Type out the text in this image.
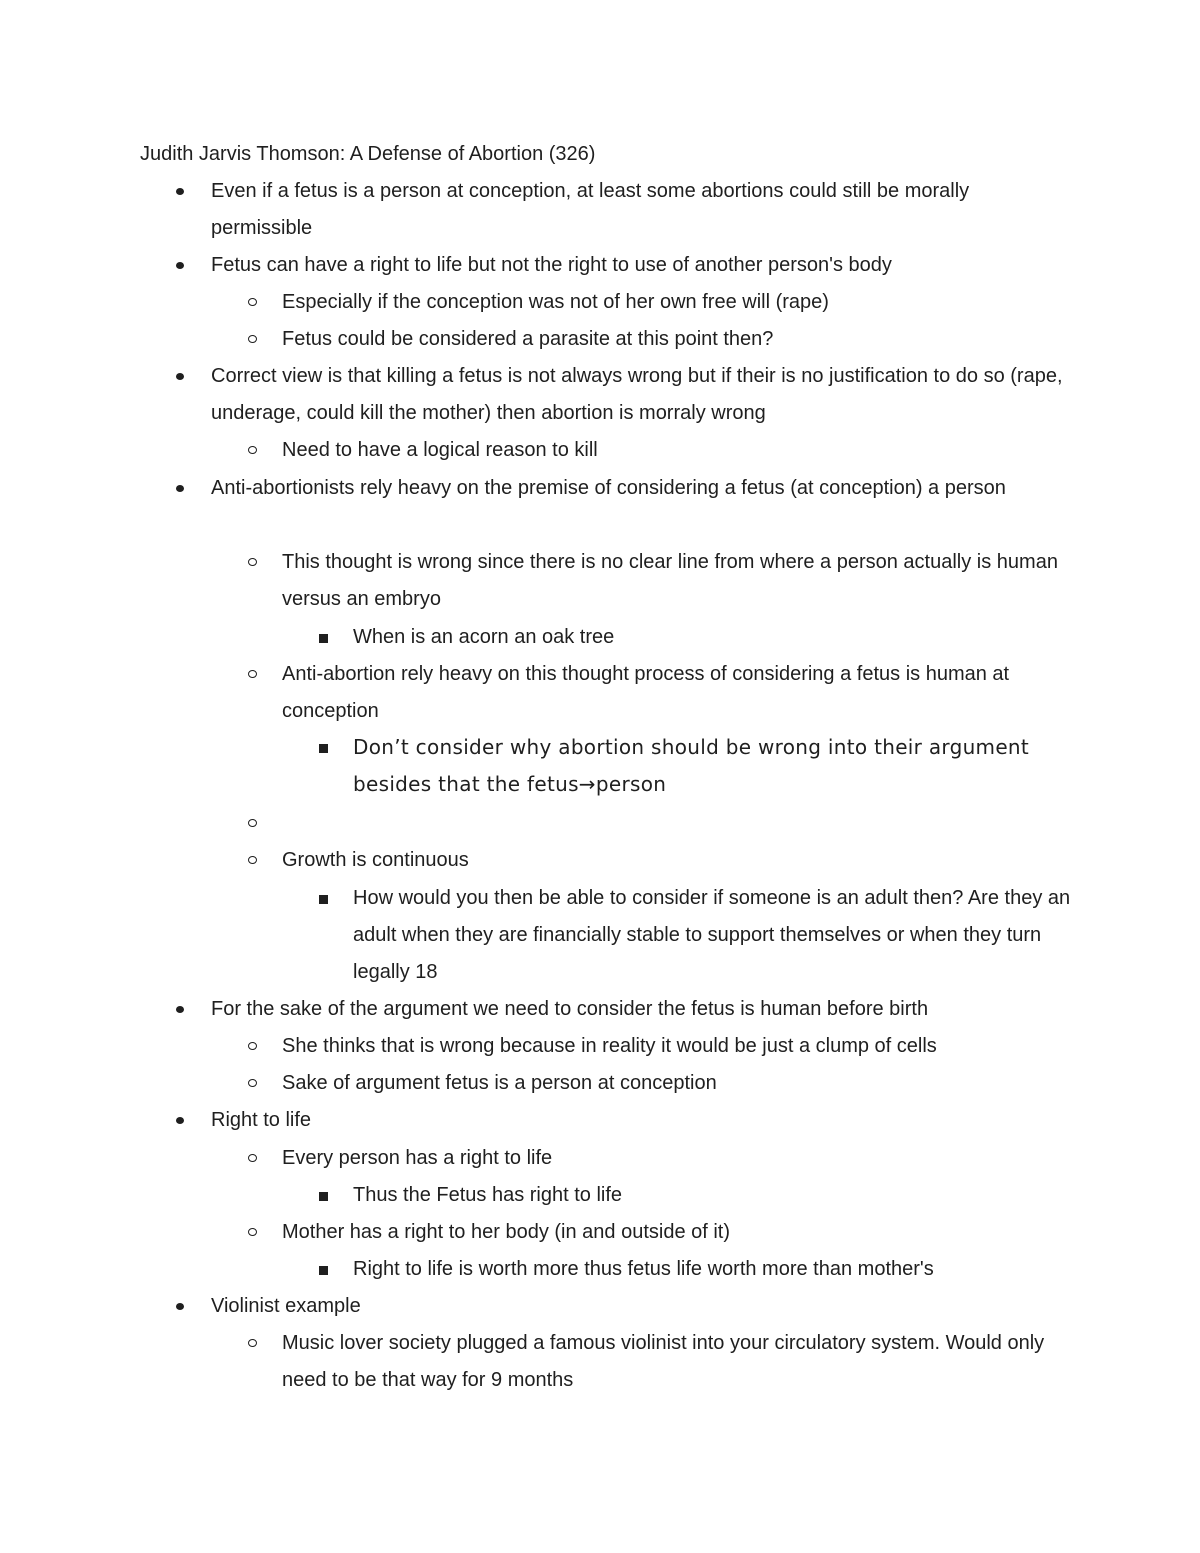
Judith Jarvis Thomson: A Defense of Abortion (326)
Even if a fetus is a person at conception, at least some abortions could still be morally permissible
Fetus can have a right to life but not the right to use of another person's body
Especially if the conception was not of her own free will (rape)
Fetus could be considered a parasite at this point then?
Correct view is that killing a fetus is not always wrong but if their is no justification to do so (rape, underage, could kill the mother) then abortion is morraly wrong
Need to have a logical reason to kill
Anti-abortionists rely heavy on the premise of considering a fetus (at conception) a person
This thought is wrong since there is no clear line from where a person actually is human versus an embryo
When is an acorn an oak tree
Anti-abortion rely heavy on this thought process of considering a fetus is human at conception
Don’t consider why abortion should be wrong into their argument besides that the fetus→person
Growth is continuous
How would you then be able to consider if someone is an adult then? Are they an adult when they are financially stable to support themselves or when they turn legally 18
For the sake of the argument we need to consider the fetus is human before birth
She thinks that is wrong because in reality it would be just a clump of cells
Sake of argument fetus is a person at conception
Right to life
Every person has a right to life
Thus the Fetus has right to life
Mother has a right to her body (in and outside of it)
Right to life is worth more thus fetus life worth more than mother's
Violinist example
Music lover society plugged a famous violinist into your circulatory system. Would only need to be that way for 9 months
